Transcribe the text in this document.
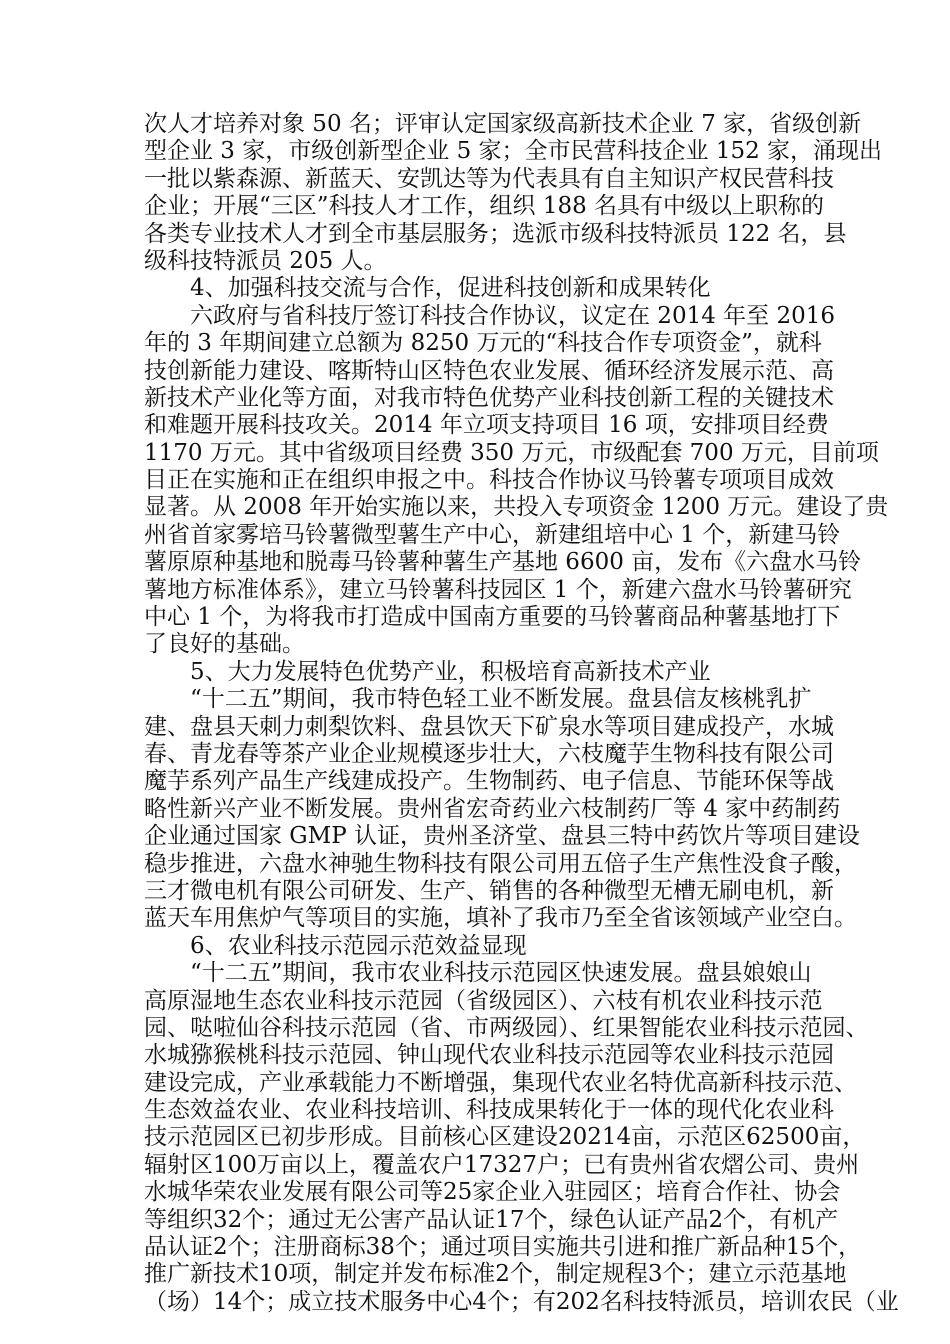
次人才培养对象 50 名；评审认定国家级高新技术企业 7 家，省级创新
型企业 3 家，市级创新型企业 5 家；全市民营科技企业 152 家，涌现出
一批以紫森源、新蓝天、安凯达等为代表具有自主知识产权民营科技
企业；开展“三区”科技人才工作，组织 188 名具有中级以上职称的
各类专业技术人才到全市基层服务；选派市级科技特派员 122 名，县
级科技特派员 205 人。
4、加强科技交流与合作，促进科技创新和成果转化
六政府与省科技厅签订科技合作协议，议定在 2014 年至 2016
年的 3 年期间建立总额为 8250 万元的“科技合作专项资金”，就科
技创新能力建设、喀斯特山区特色农业发展、循环经济发展示范、高
新技术产业化等方面，对我市特色优势产业科技创新工程的关键技术
和难题开展科技攻关。2014 年立项支持项目 16 项，安排项目经费
1170 万元。其中省级项目经费 350 万元，市级配套 700 万元，目前项
目正在实施和正在组织申报之中。科技合作协议马铃薯专项项目成效
显著。从 2008 年开始实施以来，共投入专项资金 1200 万元。建设了贵
州省首家雾培马铃薯微型薯生产中心，新建组培中心 1 个，新建马铃
薯原原种基地和脱毒马铃薯种薯生产基地 6600 亩，发布《六盘水马铃
薯地方标准体系》，建立马铃薯科技园区 1 个，新建六盘水马铃薯研究
中心 1 个，为将我市打造成中国南方重要的马铃薯商品种薯基地打下
了良好的基础。
5、大力发展特色优势产业，积极培育高新技术产业
“十二五”期间，我市特色轻工业不断发展。盘县信友核桃乳扩
建、盘县天刺力刺梨饮料、盘县饮天下矿泉水等项目建成投产，水城
春、青龙春等茶产业企业规模逐步壮大，六枝魔芋生物科技有限公司
魔芋系列产品生产线建成投产。生物制药、电子信息、节能环保等战
略性新兴产业不断发展。贵州省宏奇药业六枝制药厂等 4 家中药制药
企业通过国家 GMP 认证，贵州圣济堂、盘县三特中药饮片等项目建设
稳步推进，六盘水神驰生物科技有限公司用五倍子生产焦性没食子酸，
三才微电机有限公司研发、生产、销售的各种微型无槽无刷电机，新
蓝天车用焦炉气等项目的实施，填补了我市乃至全省该领域产业空白。
6、农业科技示范园示范效益显现
“十二五”期间，我市农业科技示范园区快速发展。盘县娘娘山
高原湿地生态农业科技示范园（省级园区）、六枝有机农业科技示范
园、哒啦仙谷科技示范园（省、市两级园）、红果智能农业科技示范园、
水城猕猴桃科技示范园、钟山现代农业科技示范园等农业科技示范园
建设完成，产业承载能力不断增强，集现代农业名特优高新科技示范、
生态效益农业、农业科技培训、科技成果转化于一体的现代化农业科
技示范园区已初步形成。目前核心区建设20214亩，示范区62500亩，
辐射区100万亩以上，覆盖农户17327户；已有贵州省农熠公司、贵州
水城华荣农业发展有限公司等25家企业入驻园区；培育合作社、协会
等组织32个；通过无公害产品认证17个，绿色认证产品2个，有机产
品认证2个；注册商标38个；通过项目实施共引进和推广新品种15个，
推广新技术10项，制定并发布标准2个，制定规程3个；建立示范基地
（场）14个；成立技术服务中心4个；有202名科技特派员，培训农民（业
